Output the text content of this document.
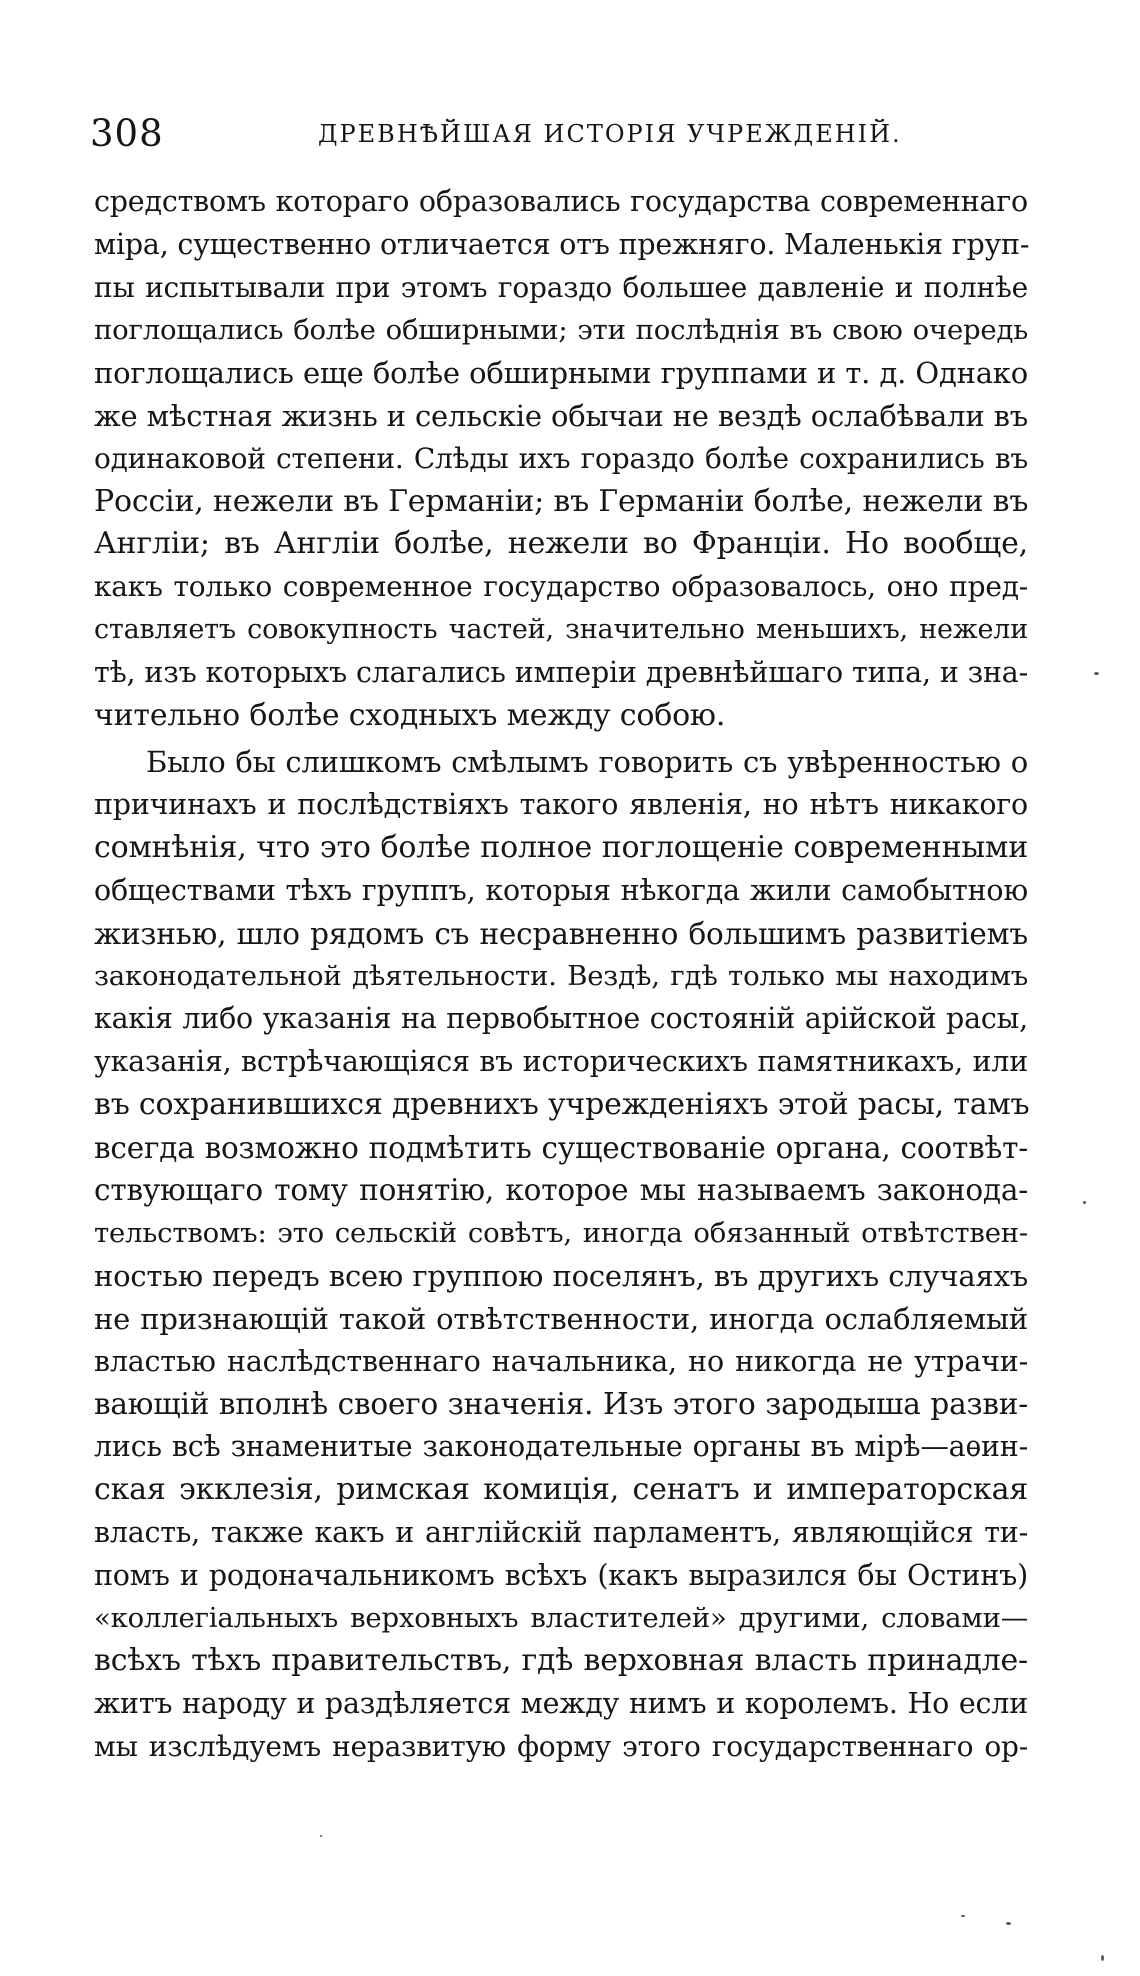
308	ДРЕВНѢЙШАЯ ИСТОРІЯ УЧРЕЖДЕНІЙ.
средствомъ котораго образовались государства современнаго
міра, существенно отличается отъ прежняго. Маленькія груп-
пы испытывали при этомъ гораздо большее давленіе и полнѣе
поглощались болѣе обширными; эти послѣднія въ свою очередь
поглощались еще болѣе обширными группами и т. д. Однако
же мѣстная жизнь и сельскіе обычаи не вездѣ ослабѣвали въ
одинаковой степени. Слѣды ихъ гораздо болѣе сохранились въ
Россіи, нежели въ Германіи; въ Германіи болѣе, нежели въ
Англіи; въ Англіи болѣе, нежели во Франціи. Но вообще,
какъ только современное государство образовалось, оно пред-
ставляетъ совокупность частей, значительно меньшихъ, нежели
тѣ, изъ которыхъ слагались имперіи древнѣйшаго типа, и зна-
чительно болѣе сходныхъ между собою.
Было бы слишкомъ смѣлымъ говорить съ увѣренностью о
причинахъ и послѣдствіяхъ такого явленія, но нѣтъ никакого
сомнѣнія, что это болѣе полное поглощеніе современными
обществами тѣхъ группъ, которыя нѣкогда жили самобытною
жизнью, шло рядомъ съ несравненно большимъ развитіемъ
законодательной дѣятельности. Вездѣ, гдѣ только мы находимъ
какія либо указанія на первобытное состояній арійской расы,
указанія, встрѣчающіяся въ историческихъ памятникахъ, или
въ сохранившихся древнихъ учрежденіяхъ этой расы, тамъ
всегда возможно подмѣтить существованіе органа, соотвѣт-
ствующаго тому понятію, которое мы называемъ законода-
тельствомъ: это сельскій совѣтъ, иногда обязанный отвѣтствен-
ностью передъ всею группою поселянъ, въ другихъ случаяхъ
не признающій такой отвѣтственности, иногда ослабляемый
властью наслѣдственнаго начальника, но никогда не утрачи-
вающій вполнѣ своего значенія. Изъ этого зародыша разви-
лись всѣ знаменитые законодательные органы въ мірѣ—аѳин-
ская экклезія, римская комиція, сенатъ и императорская
власть, также какъ и англійскій парламентъ, являющійся ти-
помъ и родоначальникомъ всѣхъ (какъ выразился бы Остинъ)
«коллегіальныхъ верховныхъ властителей» другими, словами—
всѣхъ тѣхъ правительствъ, гдѣ верховная власть принадле-
житъ народу и раздѣляется между нимъ и королемъ. Но если
мы изслѣдуемъ неразвитую форму этого государственнаго ор-
